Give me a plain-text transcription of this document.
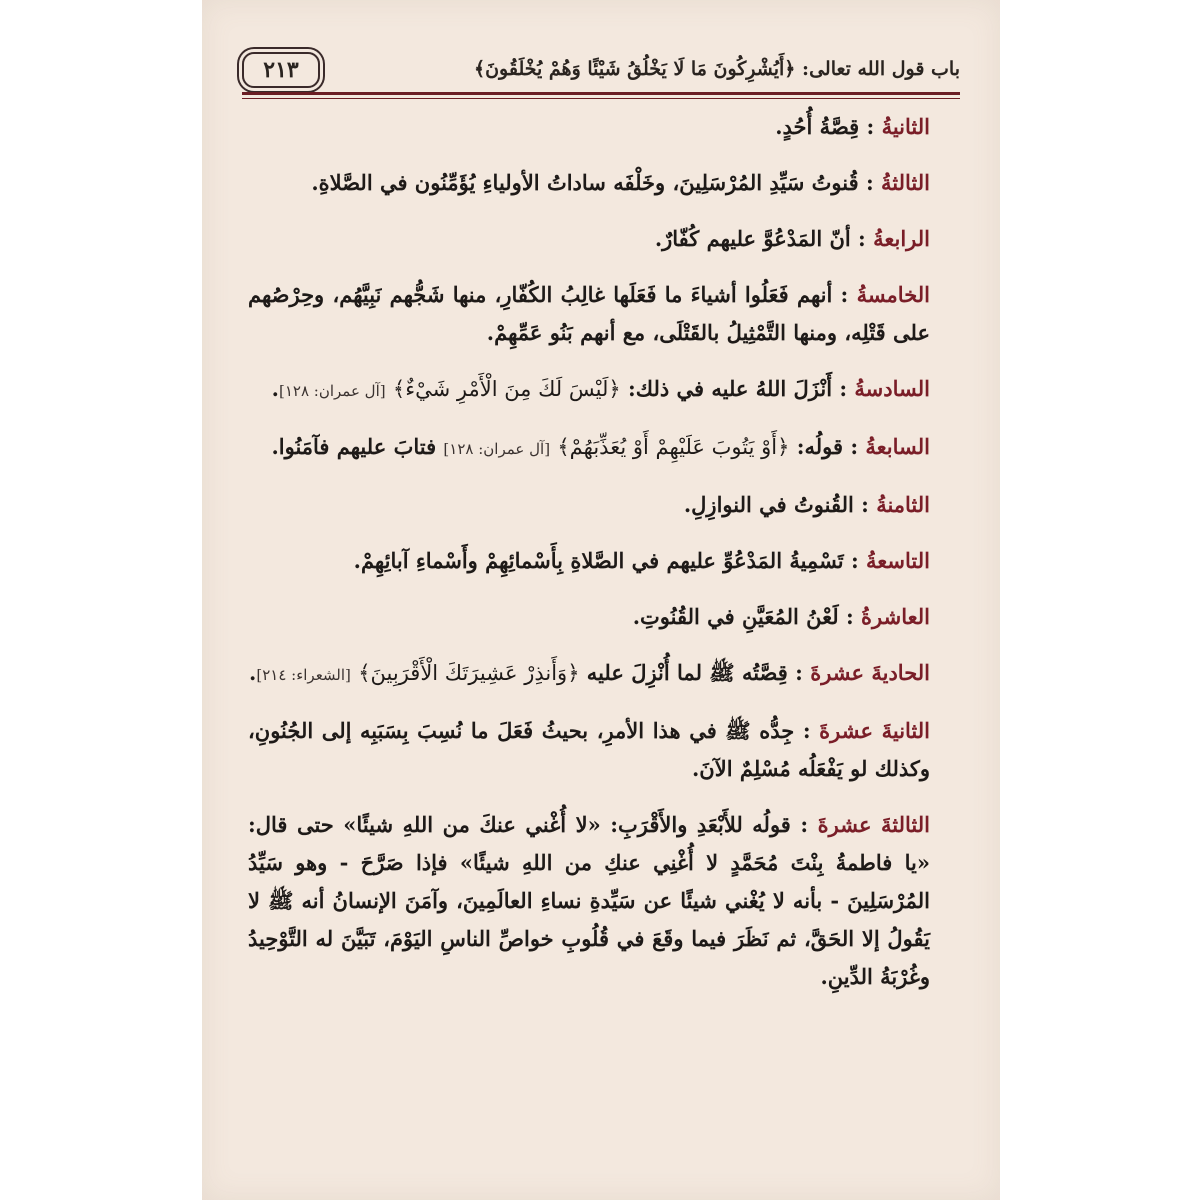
باب قول الله تعالى: ﴿أَيُشْرِكُونَ مَا لَا يَخْلُقُ شَيْئًا وَهُمْ يُخْلَقُونَ﴾
٢١٣

الثانيةُ : قِصَّةُ أُحُدٍ.

الثالثةُ : قُنوتُ سَيِّدِ المُرْسَلِينَ، وخَلْفَه ساداتُ الأولياءِ يُؤَمِّنُون في الصَّلاةِ.

الرابعةُ : أنّ المَدْعُوَّ عليهم كُفّارٌ.

الخامسةُ : أنهم فَعَلُوا أشياءَ ما فَعَلَها غالِبُ الكُفّارِ، منها شَجُّهم نَبِيَّهُم، وحِرْصُهم على قَتْلِه، ومنها التَّمْثِيلُ بالقَتْلَى، مع أنهم بَنُو عَمِّهِمْ.

السادسةُ : أَنْزَلَ اللهُ عليه في ذلك: ﴿لَيْسَ لَكَ مِنَ الْأَمْرِ شَيْءٌ﴾ [آل عمران: ١٢٨].

السابعةُ : قولُه: ﴿أَوْ يَتُوبَ عَلَيْهِمْ أَوْ يُعَذِّبَهُمْ﴾ [آل عمران: ١٢٨] فتابَ عليهم فآمَنُوا.

الثامنةُ : القُنوتُ في النوازِلِ.

التاسعةُ : تَسْمِيةُ المَدْعُوِّ عليهم في الصَّلاةِ بِأَسْمائِهِمْ وأَسْماءِ آبائِهِمْ.

العاشرةُ : لَعْنُ المُعَيَّنِ في القُنُوتِ.

الحاديةَ عشرةَ : قِصَّتُه ﷺ لما أُنْزِلَ عليه ﴿وَأَنذِرْ عَشِيرَتَكَ الْأَقْرَبِينَ﴾ [الشعراء: ٢١٤].

الثانيةَ عشرةَ : جِدُّه ﷺ في هذا الأمرِ، بحيثُ فَعَلَ ما نُسِبَ بِسَبَبِه إلى الجُنُونِ، وكذلك لو يَفْعَلُه مُسْلِمٌ الآنَ.

الثالثةَ عشرةَ : قولُه للأَبْعَدِ والأَقْرَبِ: «لا أُغْني عنكَ من اللهِ شيئًا» حتى قال: «يا فاطمةُ بِنْتَ مُحَمَّدٍ لا أُغْنِي عنكِ من اللهِ شيئًا» فإذا صَرَّحَ - وهو سَيِّدُ المُرْسَلِينَ - بأنه لا يُغْني شيئًا عن سَيِّدةِ نساءِ العالَمِينَ، وآمَنَ الإنسانُ أنه ﷺ لا يَقُولُ إلا الحَقَّ، ثم نَظَرَ فيما وقَعَ في قُلُوبِ خواصِّ الناسِ اليَوْمَ، تَبَيَّنَ له التَّوْحِيدُ وغُرْبَةُ الدِّينِ.
